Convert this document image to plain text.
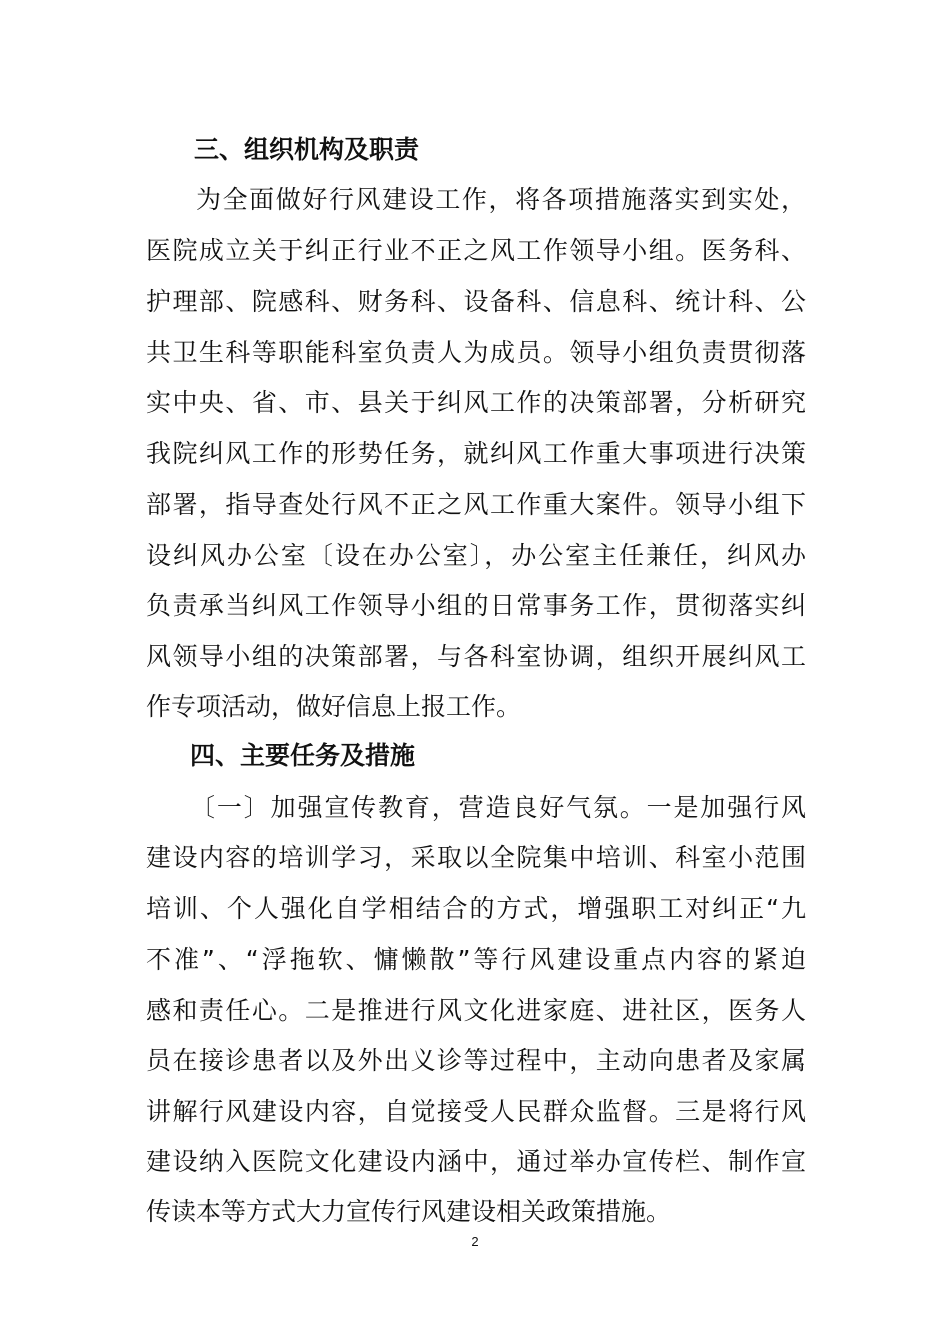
三、组织机构及职责
为全面做好行风建设工作，将各项措施落实到实处，
医院成立关于纠正行业不正之风工作领导小组。医务科、
护理部、院感科、财务科、设备科、信息科、统计科、公
共卫生科等职能科室负责人为成员。领导小组负责贯彻落
实中央、省、市、县关于纠风工作的决策部署，分析研究
我院纠风工作的形势任务，就纠风工作重大事项进行决策
部署，指导查处行风不正之风工作重大案件。领导小组下
设纠风办公室〔设在办公室〕，办公室主任兼任，纠风办
负责承当纠风工作领导小组的日常事务工作，贯彻落实纠
风领导小组的决策部署，与各科室协调，组织开展纠风工
作专项活动，做好信息上报工作。
四、主要任务及措施
〔一〕加强宣传教育，营造良好气氛。一是加强行风
建设内容的培训学习，采取以全院集中培训、科室小范围
培训、个人强化自学相结合的方式，增强职工对纠正“九
不准”、“浮拖软、慵懒散”等行风建设重点内容的紧迫
感和责任心。二是推进行风文化进家庭、进社区，医务人
员在接诊患者以及外出义诊等过程中，主动向患者及家属
讲解行风建设内容，自觉接受人民群众监督。三是将行风
建设纳入医院文化建设内涵中，通过举办宣传栏、制作宣
传读本等方式大力宣传行风建设相关政策措施。
2
